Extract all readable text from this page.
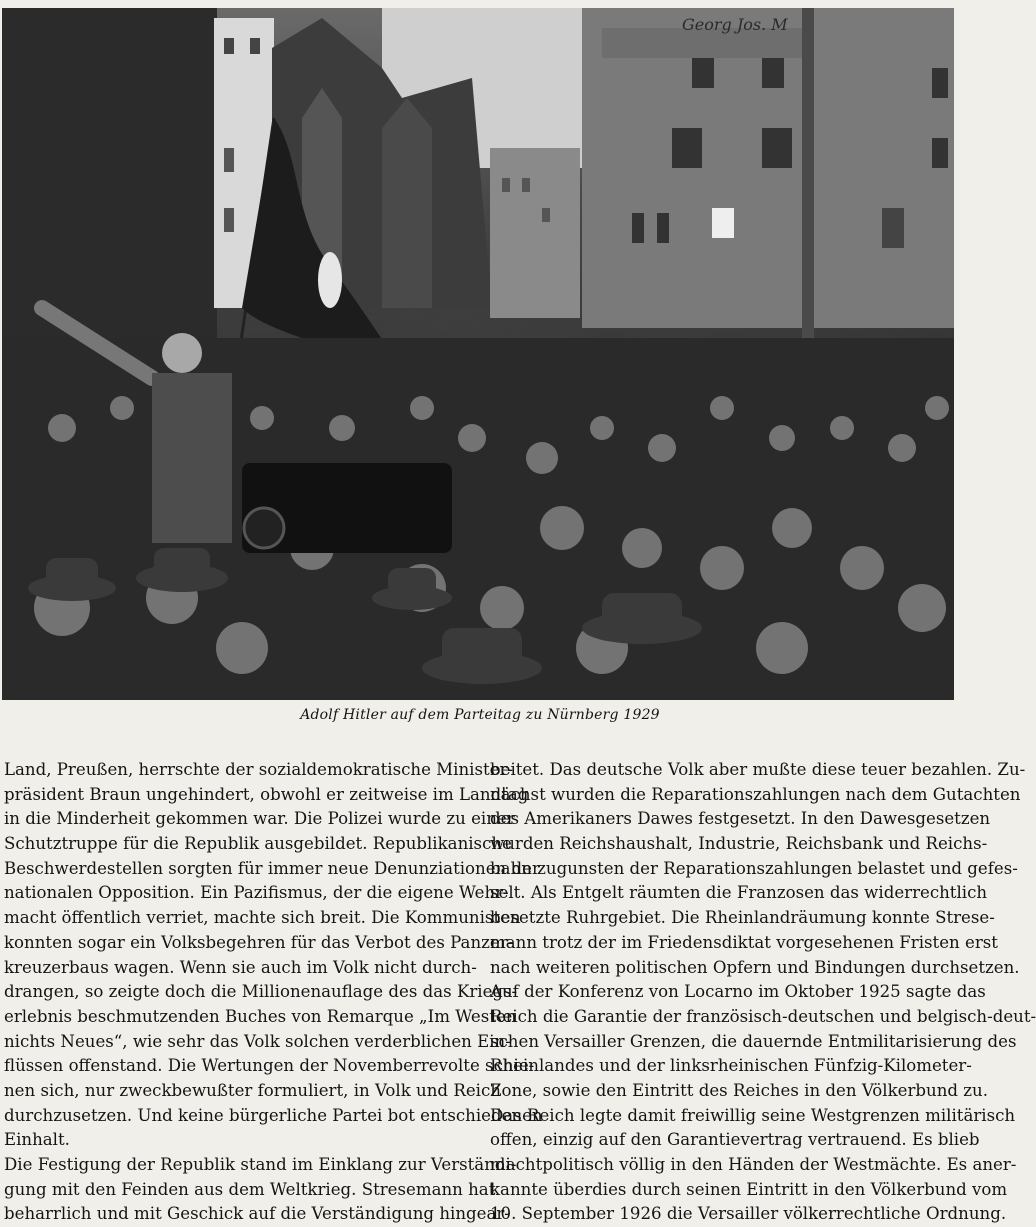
Georg Jos. M
Adolf Hitler auf dem Parteitag zu Nürnberg 1929
Land, Preußen, herrschte der sozialdemokratische Minister-
präsident Braun ungehindert, obwohl er zeitweise im Landtag
in die Minderheit gekommen war. Die Polizei wurde zu einer
Schutztruppe für die Republik ausgebildet. Republikanische
Beschwerdestellen sorgten für immer neue Denunziationen der
nationalen Opposition. Ein Pazifismus, der die eigene Wehr-
macht öffentlich verriet, machte sich breit. Die Kommunisten
konnten sogar ein Volksbegehren für das Verbot des Panzer-
kreuzerbaus wagen. Wenn sie auch im Volk nicht durch-
drangen, so zeigte doch die Millionenauflage des das Kriegs-
erlebnis beschmutzenden Buches von Remarque „Im Westen
nichts Neues“, wie sehr das Volk solchen verderblichen Ein-
flüssen offenstand. Die Wertungen der Novemberrevolte schie-
nen sich, nur zweckbewußter formuliert, in Volk und Reich
durchzusetzen. Und keine bürgerliche Partei bot entschiedenen
Einhalt.
Die Festigung der Republik stand im Einklang zur Verständi-
gung mit den Feinden aus dem Weltkrieg. Stresemann hat
beharrlich und mit Geschick auf die Verständigung hingear-
beitet. Das deutsche Volk aber mußte diese teuer bezahlen. Zu-
nächst wurden die Reparationszahlungen nach dem Gutachten
des Amerikaners Dawes festgesetzt. In den Dawesgesetzen
wurden Reichshaushalt, Industrie, Reichsbank und Reichs-
bahn zugunsten der Reparationszahlungen belastet und gefes-
selt. Als Entgelt räumten die Franzosen das widerrechtlich
besetzte Ruhrgebiet. Die Rheinlandräumung konnte Strese-
mann trotz der im Friedensdiktat vorgesehenen Fristen erst
nach weiteren politischen Opfern und Bindungen durchsetzen.
Auf der Konferenz von Locarno im Oktober 1925 sagte das
Reich die Garantie der französisch-deutschen und belgisch-deut-
schen Versailler Grenzen, die dauernde Entmilitarisierung des
Rheinlandes und der linksrheinischen Fünfzig-Kilometer-
Zone, sowie den Eintritt des Reiches in den Völkerbund zu.
Das Reich legte damit freiwillig seine Westgrenzen militärisch
offen, einzig auf den Garantievertrag vertrauend. Es blieb
machtpolitisch völlig in den Händen der Westmächte. Es aner-
kannte überdies durch seinen Eintritt in den Völkerbund vom
10. September 1926 die Versailler völkerrechtliche Ordnung.
